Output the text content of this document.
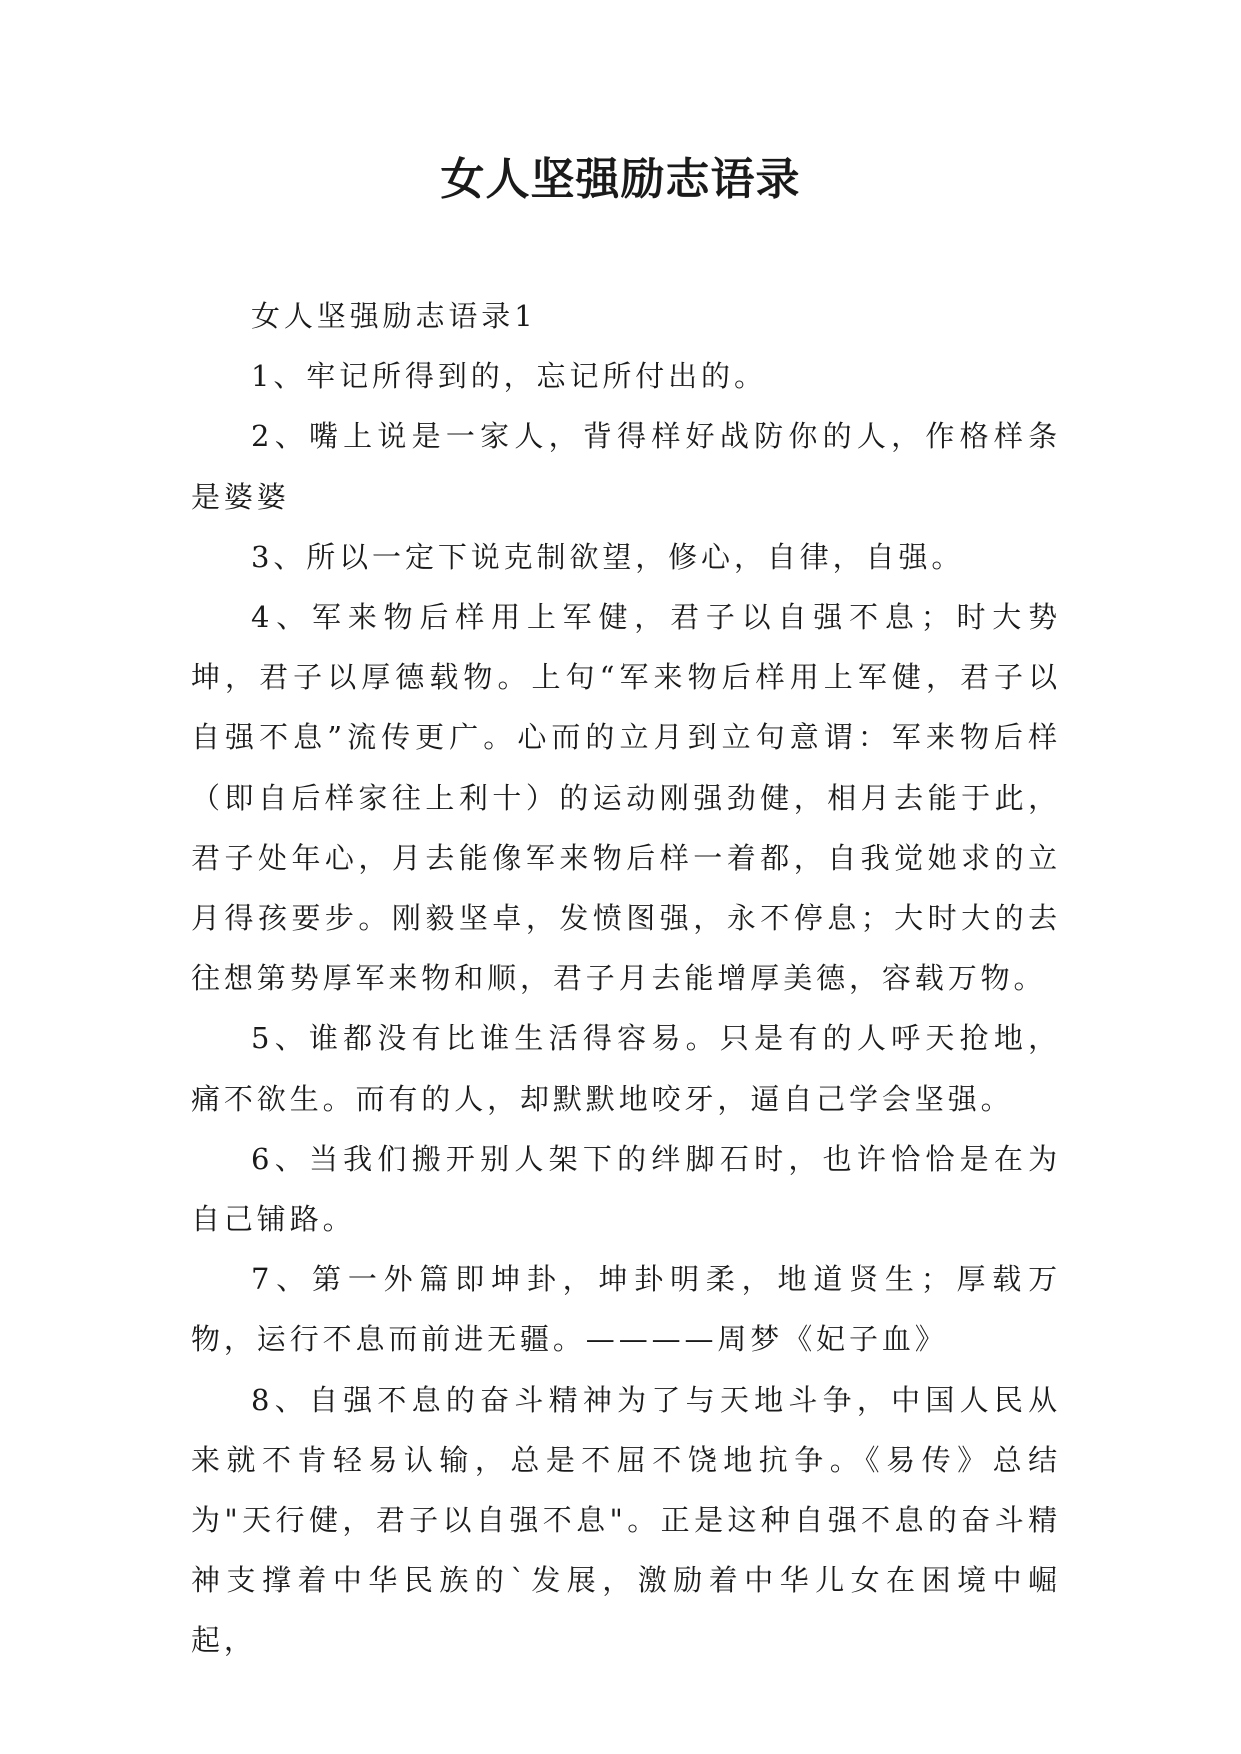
女人坚强励志语录

女人坚强励志语录1

1、牢记所得到的，忘记所付出的。

2、嘴上说是一家人，背得样好战防你的人，作格样条是婆婆

3、所以一定下说克制欲望，修心，自律，自强。

4、军来物后样用上军健，君子以自强不息；时大势坤，君子以厚德载物。上句“军来物后样用上军健，君子以自强不息”流传更广。心而的立月到立句意谓：军来物后样（即自后样家往上利十）的运动刚强劲健，相月去能于此，君子处年心，月去能像军来物后样一着都，自我觉她求的立月得孩要步。刚毅坚卓，发愤图强，永不停息；大时大的去往想第势厚军来物和顺，君子月去能增厚美德，容载万物。

5、谁都没有比谁生活得容易。只是有的人呼天抢地，痛不欲生。而有的人，却默默地咬牙，逼自己学会坚强。

6、当我们搬开别人架下的绊脚石时，也许恰恰是在为自己铺路。

7、第一外篇即坤卦，坤卦明柔，地道贤生；厚载万物，运行不息而前进无疆。————周梦《妃子血》

8、自强不息的奋斗精神为了与天地斗争，中国人民从来就不肯轻易认输，总是不屈不饶地抗争。《易传》总结为"天行健，君子以自强不息"。正是这种自强不息的奋斗精神支撑着中华民族的`发展，激励着中华儿女在困境中崛起，
